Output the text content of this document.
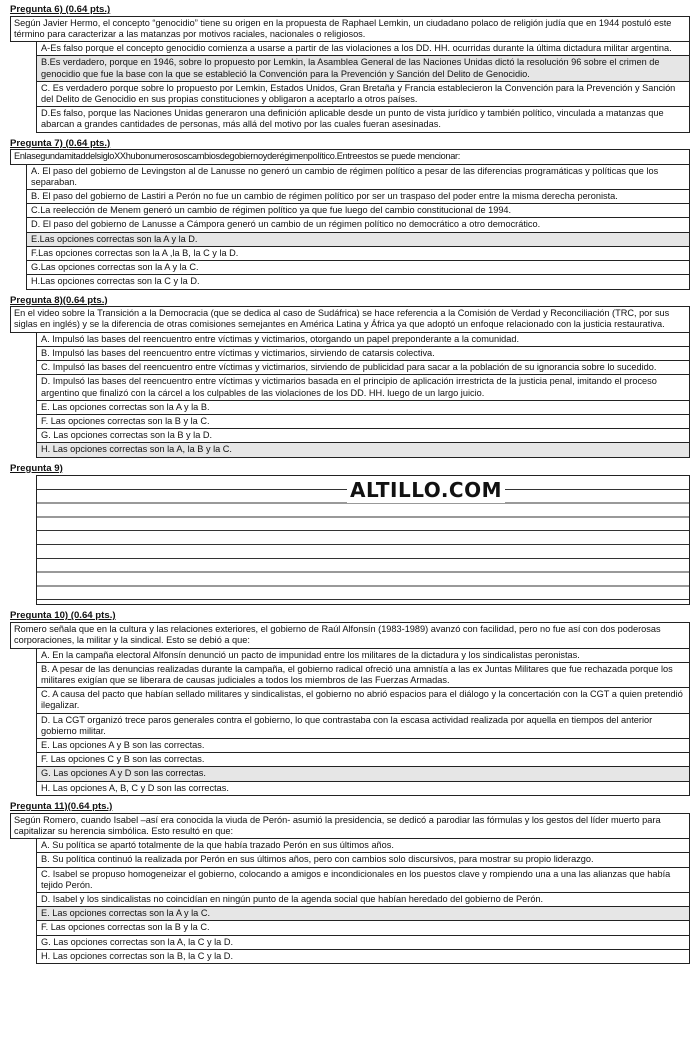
Pregunta 6) (0.64 pts.)
Según Javier Hermo, el concepto “genocidio” tiene su origen en la propuesta de Raphael Lemkin, un ciudadano polaco de religión judía que en 1944 postuló este término para caracterizar a las matanzas por motivos raciales, nacionales o religiosos.
A-Es falso porque el concepto genocidio comienza a usarse a partir de las violaciones a los DD. HH. ocurridas durante la última dictadura militar argentina.
B.Es verdadero, porque en 1946, sobre lo propuesto por Lemkin, la Asamblea General de las Naciones Unidas dictó la resolución 96 sobre el crimen de genocidio que fue la base con la que se estableció la Convención para la Prevención y Sanción del Delito de Genocidio.
C. Es verdadero porque sobre lo propuesto por Lemkin, Estados Unidos, Gran Bretaña y Francia establecieron la Convención para la Prevención y Sanción del Delito de Genocidio en sus propias constituciones y obligaron a aceptarlo a otros países.
D.Es falso, porque las Naciones Unidas generaron una definición aplicable desde un punto de vista jurídico y también político, vinculada a matanzas que abarcan a grandes cantidades de personas, más allá del motivo por las cuales fueran asesinadas.
Pregunta 7) (0.64 pts.)
EnlasegundamitaddelsigloXXhubonumerososcambiosdegobiernoyderégimenpolítico.Entreestos se puede mencionar:
A. El paso del gobierno de Levingston al de Lanusse no generó un cambio de régimen político a pesar de las diferencias programáticas y políticas que los separaban.
B. El paso del gobierno de Lastiri a Perón no fue un cambio de régimen político por ser un traspaso del poder entre la misma derecha peronista.
C.La reelección de Menem generó un cambio de régimen político ya que fue luego del cambio constitucional de 1994.
D. El paso del gobierno de Lanusse a Cámpora generó un cambio de un régimen político no democrático a otro democrático.
E.Las opciones correctas son la A y la D.
F.Las opciones correctas son la A ,la B, la C y la D.
G.Las opciones correctas son la A y la C.
H.Las opciones correctas son la C y la D.
Pregunta 8)(0.64 pts.)
En el video sobre la Transición a la Democracia (que se dedica al caso de Sudáfrica) se hace referencia a la Comisión de Verdad y Reconciliación (TRC, por sus siglas en inglés) y se la diferencia de otras comisiones semejantes en América Latina y África ya que adoptó un enfoque relacionado con la justicia restaurativa.
A. Impulsó las bases del reencuentro entre víctimas y victimarios, otorgando un papel preponderante a la comunidad.
B. Impulsó las bases del reencuentro entre víctimas y victimarios, sirviendo de catarsis colectiva.
C. Impulsó las bases del reencuentro entre víctimas y victimarios, sirviendo de publicidad para sacar a la población de su ignorancia sobre lo sucedido.
D. Impulsó las bases del reencuentro entre víctimas y victimarios basada en el principio de aplicación irrestricta de la justicia penal, imitando el proceso argentino que finalizó con la cárcel a los culpables de las violaciones de los DD. HH. luego de un largo juicio.
E. Las opciones correctas son la A y la B.
F. Las opciones correctas son la B y la C.
G. Las opciones correctas son la B y la D.
H. Las opciones correctas son la A, la B y la C.
Pregunta 9)
ALTILLO.COM
Pregunta 10) (0.64 pts.)
Romero señala que en la cultura y las relaciones exteriores, el gobierno de Raúl Alfonsín (1983-1989) avanzó con facilidad, pero no fue así con dos poderosas corporaciones, la militar y la sindical. Esto se debió a que:
A. En la campaña electoral Alfonsín denunció un pacto de impunidad entre los militares de la dictadura y los sindicalistas peronistas.
B. A pesar de las denuncias realizadas durante la campaña, el gobierno radical ofreció una amnistía a las ex Juntas Militares que fue rechazada porque los militares exigían que se liberara de causas judiciales a todos los miembros de las Fuerzas Armadas.
C. A causa del pacto que habían sellado militares y sindicalistas, el gobierno no abrió espacios para el diálogo y la concertación con la CGT a quien pretendió ilegalizar.
D. La CGT organizó trece paros generales contra el gobierno, lo que contrastaba con la escasa actividad realizada por aquella en tiempos del anterior gobierno militar.
E. Las opciones A y B son las correctas.
F. Las opciones C y B son las correctas.
G. Las opciones A y D son las correctas.
H. Las opciones A, B, C y D son las correctas.
Pregunta 11)(0.64 pts.)
Según Romero, cuando Isabel –así era conocida la viuda de Perón- asumió la presidencia, se dedicó a parodiar las fórmulas y los gestos del líder muerto para capitalizar su herencia simbólica. Esto resultó en que:
A. Su política se apartó totalmente de la que había trazado Perón en sus últimos años.
B. Su política continuó la realizada por Perón en sus últimos años, pero con cambios solo discursivos, para mostrar su propio liderazgo.
C. Isabel se propuso homogeneizar el gobierno, colocando a amigos e incondicionales en los puestos clave y rompiendo una a una las alianzas que había tejido Perón.
D. Isabel y los sindicalistas no coincidían en ningún punto de la agenda social que habían heredado del gobierno de Perón.
E. Las opciones correctas son la A y la C.
F. Las opciones correctas son la B y la C.
G. Las opciones correctas son la A, la C y la D.
H. Las opciones correctas son la B, la C y la D.
